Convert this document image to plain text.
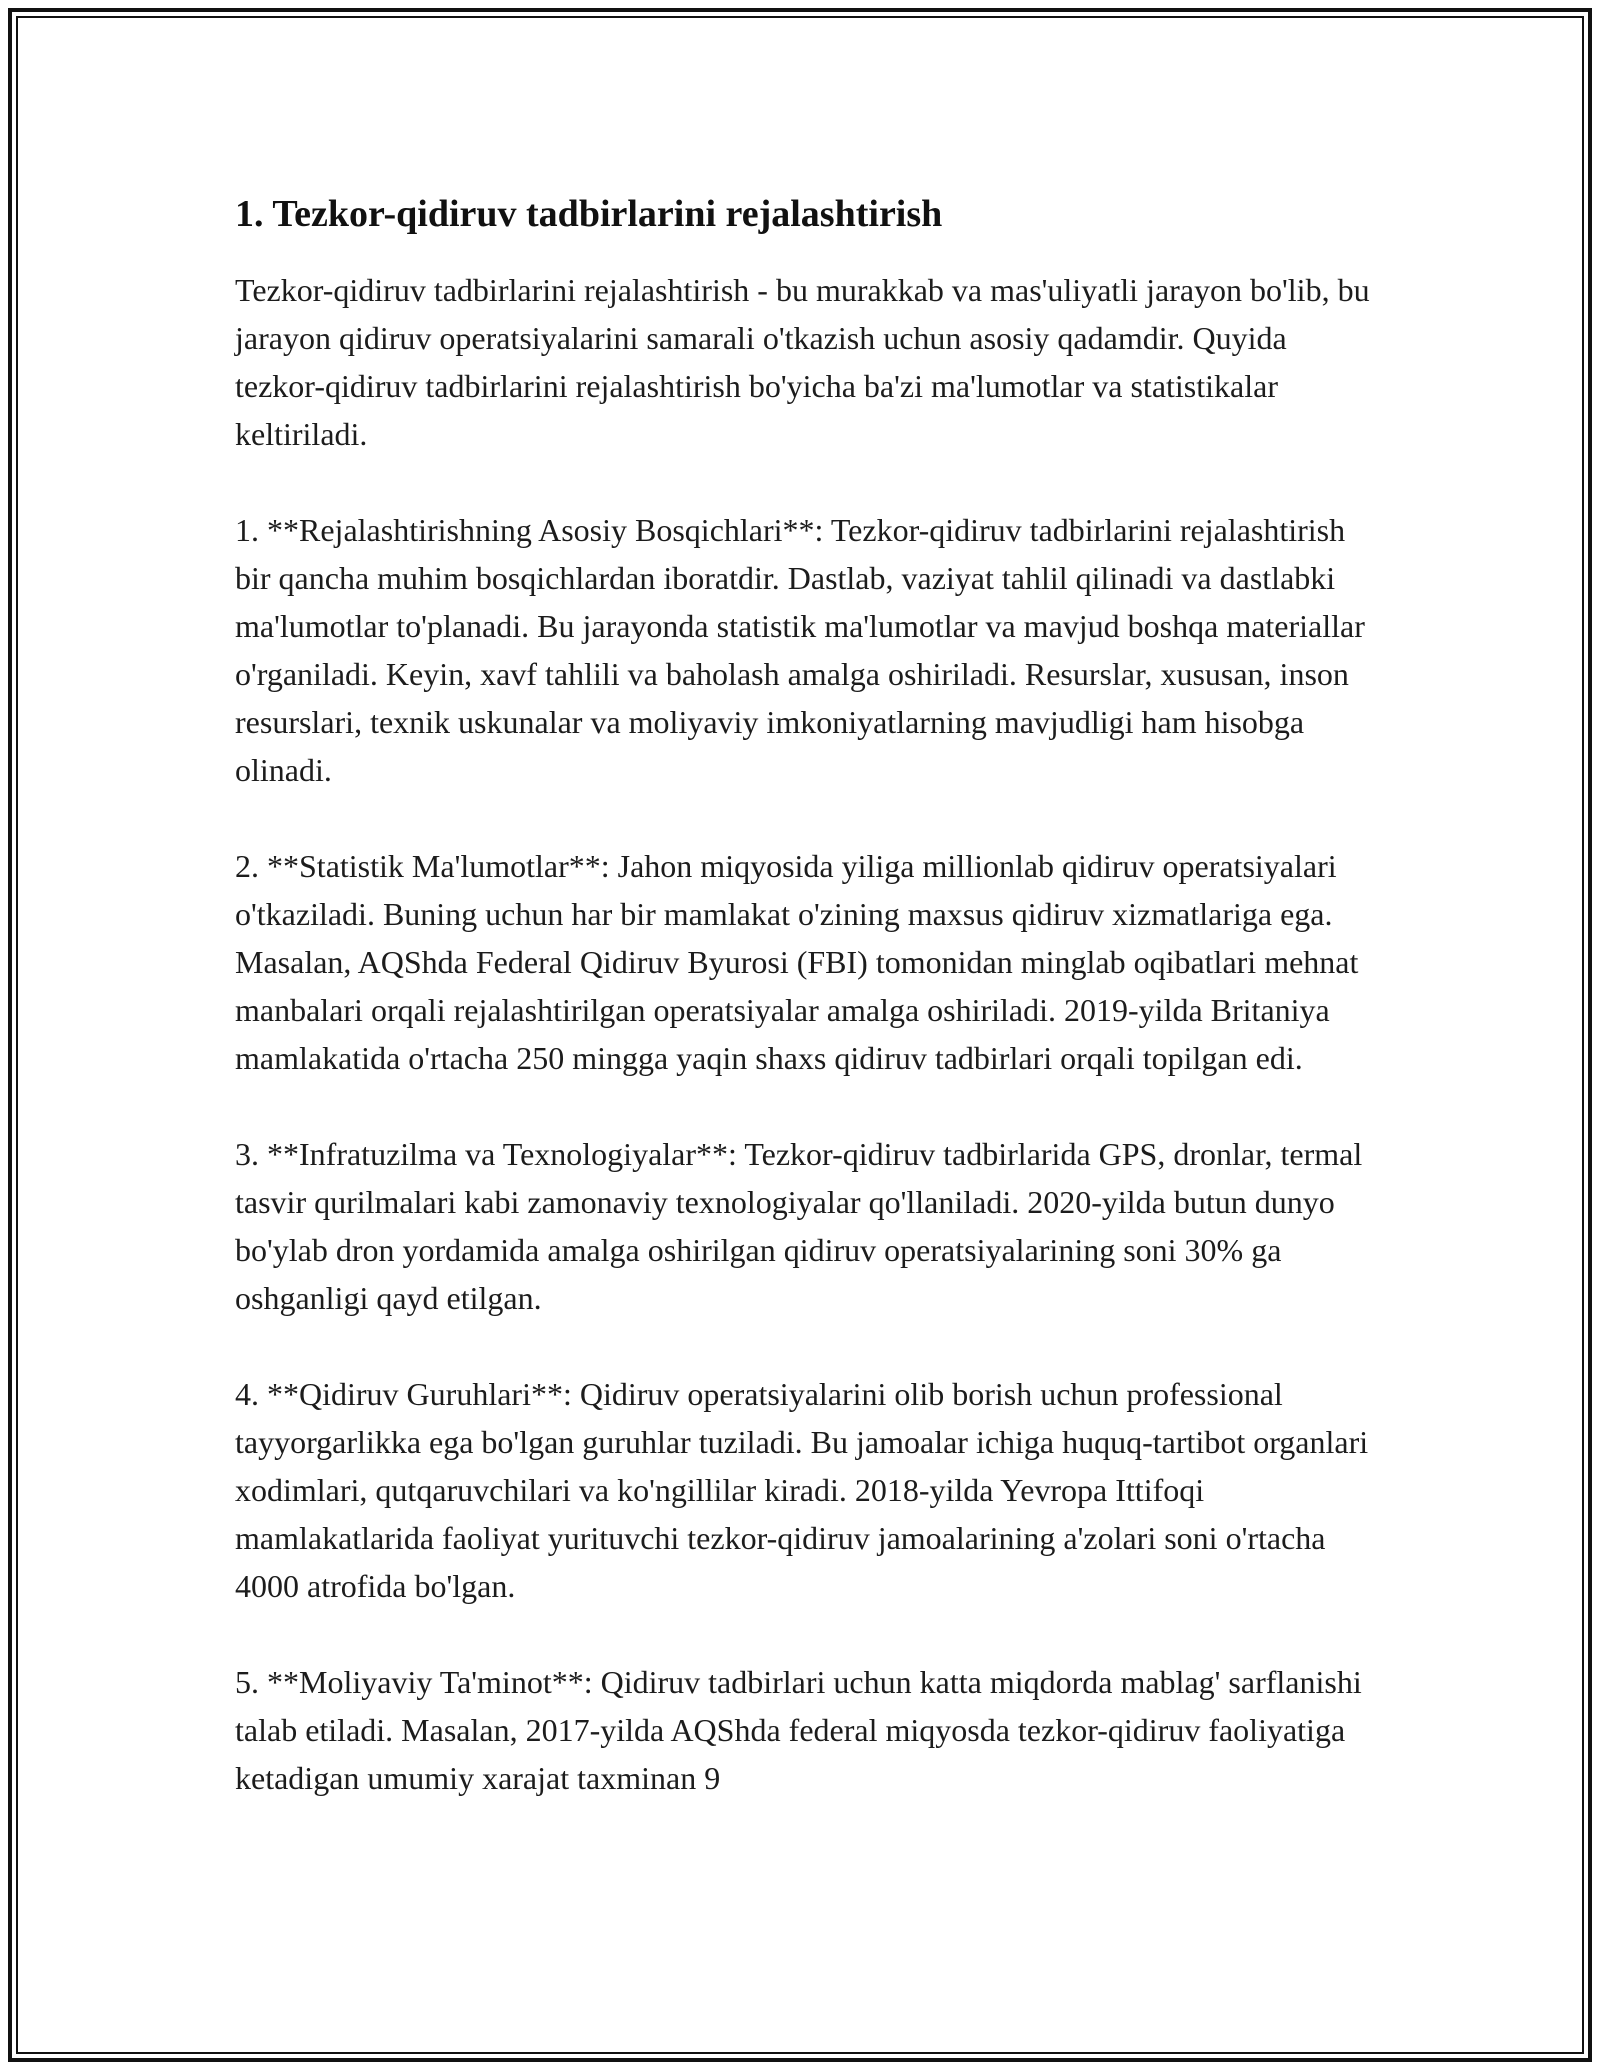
1. Tezkor-qidiruv tadbirlarini rejalashtirish

Tezkor-qidiruv tadbirlarini rejalashtirish - bu murakkab va mas'uliyatli jarayon bo'lib, bu jarayon qidiruv operatsiyalarini samarali o'tkazish uchun asosiy qadamdir. Quyida tezkor-qidiruv tadbirlarini rejalashtirish bo'yicha ba'zi ma'lumotlar va statistikalar keltiriladi.

1. **Rejalashtirishning Asosiy Bosqichlari**: Tezkor-qidiruv tadbirlarini rejalashtirish bir qancha muhim bosqichlardan iboratdir. Dastlab, vaziyat tahlil qilinadi va dastlabki ma'lumotlar to'planadi. Bu jarayonda statistik ma'lumotlar va mavjud boshqa materiallar o'rganiladi. Keyin, xavf tahlili va baholash amalga oshiriladi. Resurslar, xususan, inson resurslari, texnik uskunalar va moliyaviy imkoniyatlarning mavjudligi ham hisobga olinadi.

2. **Statistik Ma'lumotlar**: Jahon miqyosida yiliga millionlab qidiruv operatsiyalari o'tkaziladi. Buning uchun har bir mamlakat o'zining maxsus qidiruv xizmatlariga ega. Masalan, AQShda Federal Qidiruv Byurosi (FBI) tomonidan minglab oqibatlari mehnat manbalari orqali rejalashtirilgan operatsiyalar amalga oshiriladi. 2019-yilda Britaniya mamlakatida o'rtacha 250 mingga yaqin shaxs qidiruv tadbirlari orqali topilgan edi.

3. **Infratuzilma va Texnologiyalar**: Tezkor-qidiruv tadbirlarida GPS, dronlar, termal tasvir qurilmalari kabi zamonaviy texnologiyalar qo'llaniladi. 2020-yilda butun dunyo bo'ylab dron yordamida amalga oshirilgan qidiruv operatsiyalarining soni 30% ga oshganligi qayd etilgan.

4. **Qidiruv Guruhlari**: Qidiruv operatsiyalarini olib borish uchun professional tayyorgarlikka ega bo'lgan guruhlar tuziladi. Bu jamoalar ichiga huquq-tartibot organlari xodimlari, qutqaruvchilari va ko'ngillilar kiradi. 2018-yilda Yevropa Ittifoqi mamlakatlarida faoliyat yurituvchi tezkor-qidiruv jamoalarining a'zolari soni o'rtacha 4000 atrofida bo'lgan.

5. **Moliyaviy Ta'minot**: Qidiruv tadbirlari uchun katta miqdorda mablag' sarflanishi talab etiladi. Masalan, 2017-yilda AQShda federal miqyosda tezkor-qidiruv faoliyatiga ketadigan umumiy xarajat taxminan 9
